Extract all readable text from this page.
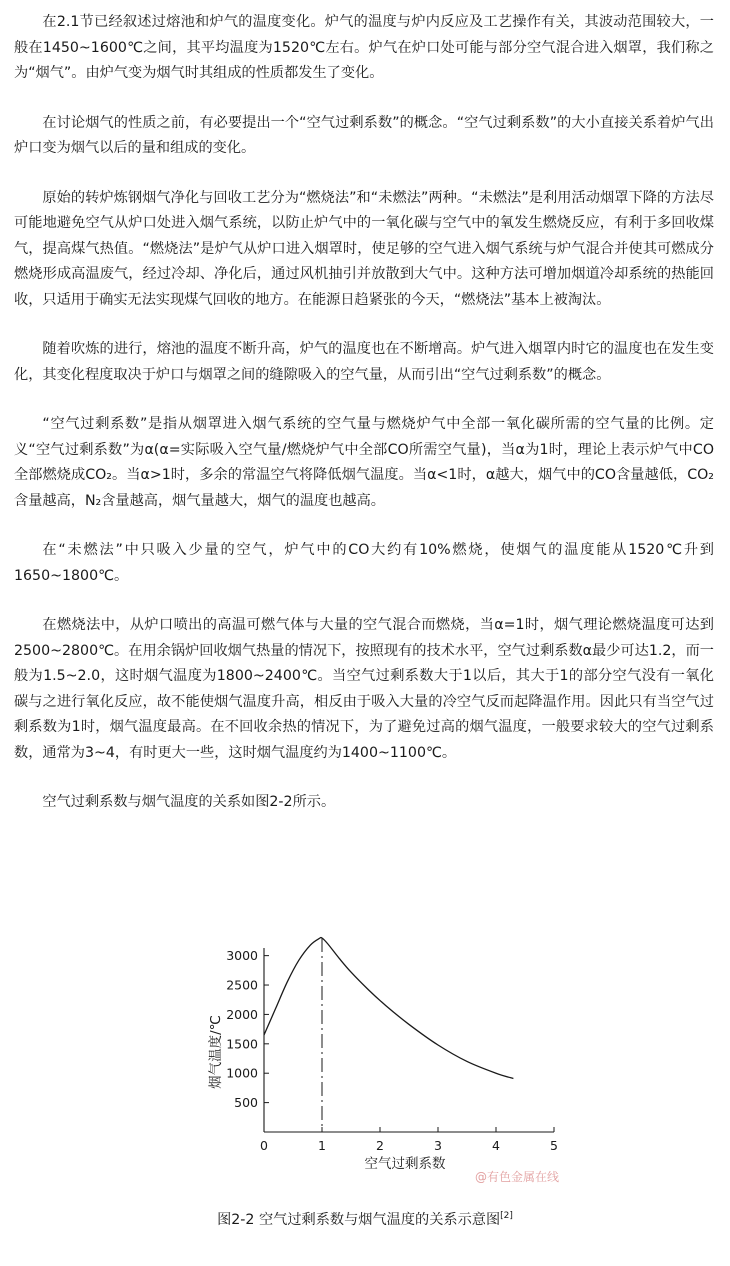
在2.1节已经叙述过熔池和炉气的温度变化。炉气的温度与炉内反应及工艺操作有关，其波动范围较大，一般在1450~1600℃之间，其平均温度为1520℃左右。炉气在炉口处可能与部分空气混合进入烟罩，我们称之为“烟气”。由炉气变为烟气时其组成的性质都发生了变化。

在讨论烟气的性质之前，有必要提出一个“空气过剩系数”的概念。“空气过剩系数”的大小直接关系着炉气出炉口变为烟气以后的量和组成的变化。

原始的转炉炼钢烟气净化与回收工艺分为“燃烧法”和“未燃法”两种。“未燃法”是利用活动烟罩下降的方法尽可能地避免空气从炉口处进入烟气系统，以防止炉气中的一氧化碳与空气中的氧发生燃烧反应，有利于多回收煤气，提高煤气热值。“燃烧法”是炉气从炉口进入烟罩时，使足够的空气进入烟气系统与炉气混合并使其可燃成分燃烧形成高温废气，经过冷却、净化后，通过风机抽引并放散到大气中。这种方法可增加烟道冷却系统的热能回收，只适用于确实无法实现煤气回收的地方。在能源日趋紧张的今天，“燃烧法”基本上被淘汰。

随着吹炼的进行，熔池的温度不断升高，炉气的温度也在不断增高。炉气进入烟罩内时它的温度也在发生变化，其变化程度取决于炉口与烟罩之间的缝隙吸入的空气量，从而引出“空气过剩系数”的概念。

“空气过剩系数”是指从烟罩进入烟气系统的空气量与燃烧炉气中全部一氧化碳所需的空气量的比例。定义“空气过剩系数”为α(α=实际吸入空气量/燃烧炉气中全部CO所需空气量)，当α为1时，理论上表示炉气中CO全部燃烧成CO₂。当α>1时，多余的常温空气将降低烟气温度。当α<1时，α越大，烟气中的CO含量越低，CO₂含量越高，N₂含量越高，烟气量越大，烟气的温度也越高。

在“未燃法”中只吸入少量的空气，炉气中的CO大约有10%燃烧，使烟气的温度能从1520℃升到1650~1800℃。

在燃烧法中，从炉口喷出的高温可燃气体与大量的空气混合而燃烧，当α=1时，烟气理论燃烧温度可达到2500~2800℃。在用余锅炉回收烟气热量的情况下，按照现有的技术水平，空气过剩系数α最少可达1.2，而一般为1.5~2.0，这时烟气温度为1800~2400℃。当空气过剩系数大于1以后，其大于1的部分空气没有一氧化碳与之进行氧化反应，故不能使烟气温度升高，相反由于吸入大量的冷空气反而起降温作用。因此只有当空气过剩系数为1时，烟气温度最高。在不回收余热的情况下，为了避免过高的烟气温度，一般要求较大的空气过剩系数，通常为3~4，有时更大一些，这时烟气温度约为1400~1100℃。

空气过剩系数与烟气温度的关系如图2-2所示。

0	1	2	3	4	5
500
1000
1500
2000
2500
3000
空气过剩系数
烟气温度/℃
@有色金属在线
图2-2 空气过剩系数与烟气温度的关系示意图[2]
